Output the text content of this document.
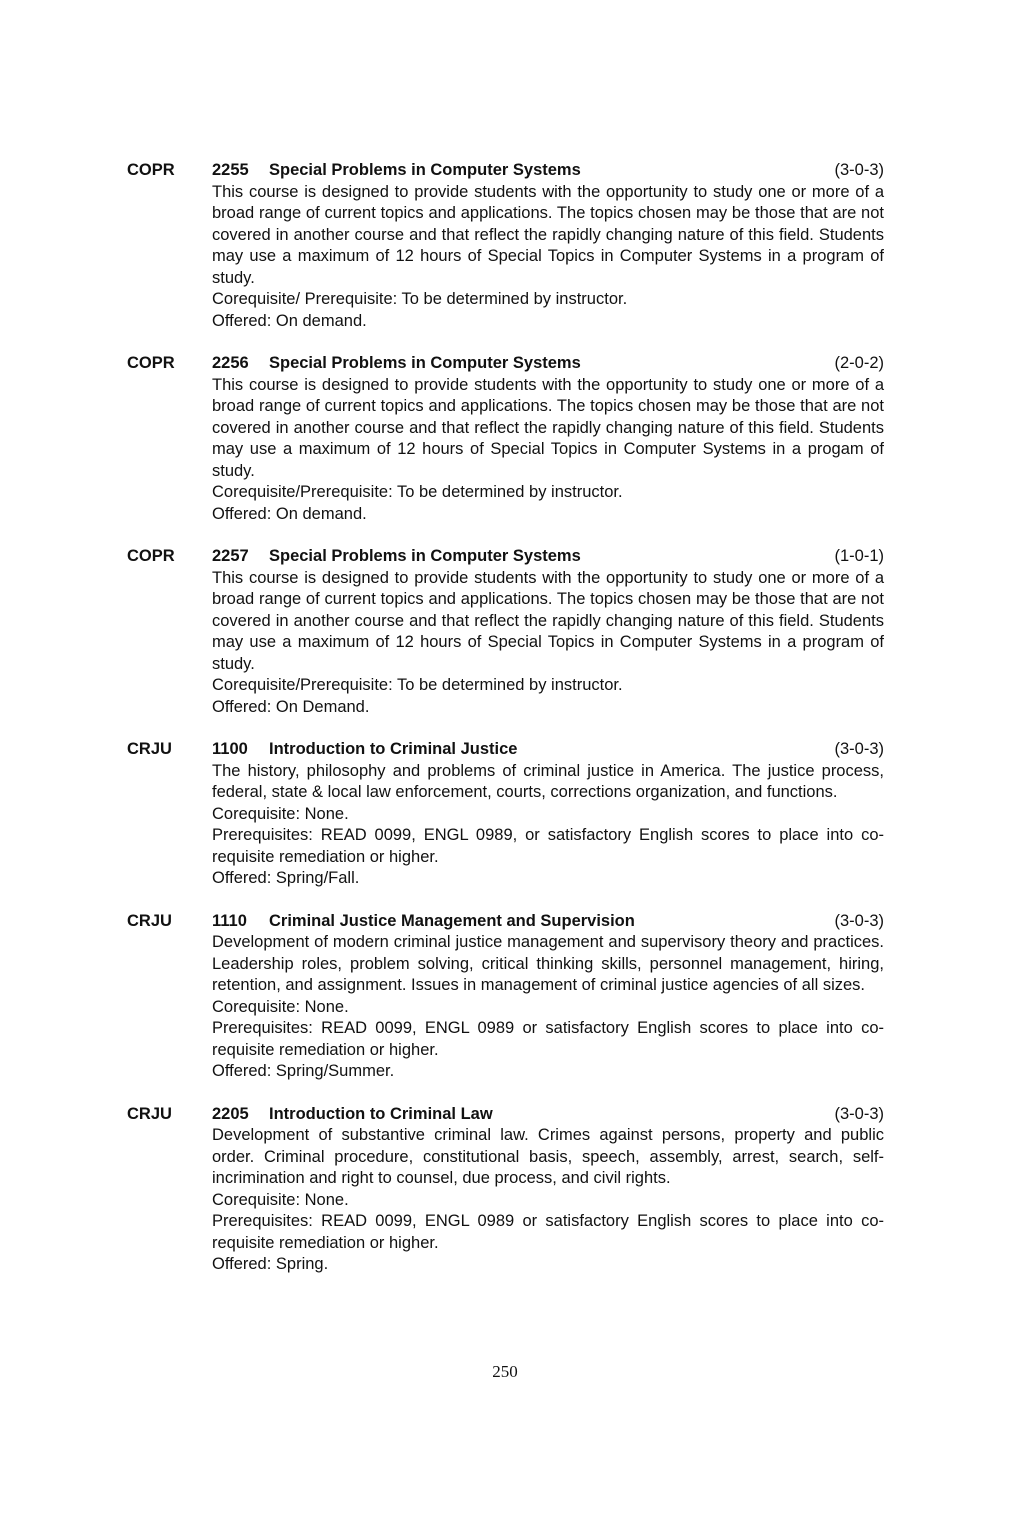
COPR	2255	Special Problems in Computer Systems	(3-0-3)

This course is designed to provide students with the opportunity to study one or more of a broad range of current topics and applications. The topics chosen may be those that are not covered in another course and that reflect the rapidly changing nature of this field. Students may use a maximum of 12 hours of Special Topics in Computer Systems in a program of study.

Corequisite/ Prerequisite: To be determined by instructor.

Offered: On demand.

COPR	2256	Special Problems in Computer Systems	(2-0-2)

This course is designed to provide students with the opportunity to study one or more of a broad range of current topics and applications. The topics chosen may be those that are not covered in another course and that reflect the rapidly changing nature of this field. Students may use a maximum of 12 hours of Special Topics in Computer Systems in a progam of study.

Corequisite/Prerequisite: To be determined by instructor.

Offered: On demand.

COPR	2257	Special Problems in Computer Systems	(1-0-1)

This course is designed to provide students with the opportunity to study one or more of a broad range of current topics and applications. The topics chosen may be those that are not covered in another course and that reflect the rapidly changing nature of this field. Students may use a maximum of 12 hours of Special Topics in Computer Systems in a program of study.

Corequisite/Prerequisite: To be determined by instructor.

Offered: On Demand.

CRJU	1100	Introduction to Criminal Justice	(3-0-3)

The history, philosophy and problems of criminal justice in America. The justice process, federal, state & local law enforcement, courts, corrections organization, and functions.

Corequisite: None.

Prerequisites: READ 0099, ENGL 0989, or satisfactory English scores to place into co-requisite remediation or higher.

Offered: Spring/Fall.

CRJU	1110	Criminal Justice Management and Supervision	(3-0-3)

Development of modern criminal justice management and supervisory theory and practices. Leadership roles, problem solving, critical thinking skills, personnel management, hiring, retention, and assignment. Issues in management of criminal justice agencies of all sizes.

Corequisite: None.

Prerequisites: READ 0099, ENGL 0989 or satisfactory English scores to place into co-requisite remediation or higher.

Offered: Spring/Summer.

CRJU	2205	Introduction to Criminal Law	(3-0-3)

Development of substantive criminal law. Crimes against persons, property and public order. Criminal procedure, constitutional basis, speech, assembly, arrest, search, self-incrimination and right to counsel, due process, and civil rights.

Corequisite: None.

Prerequisites: READ 0099, ENGL 0989 or satisfactory English scores to place into co-requisite remediation or higher.

Offered: Spring.

250
